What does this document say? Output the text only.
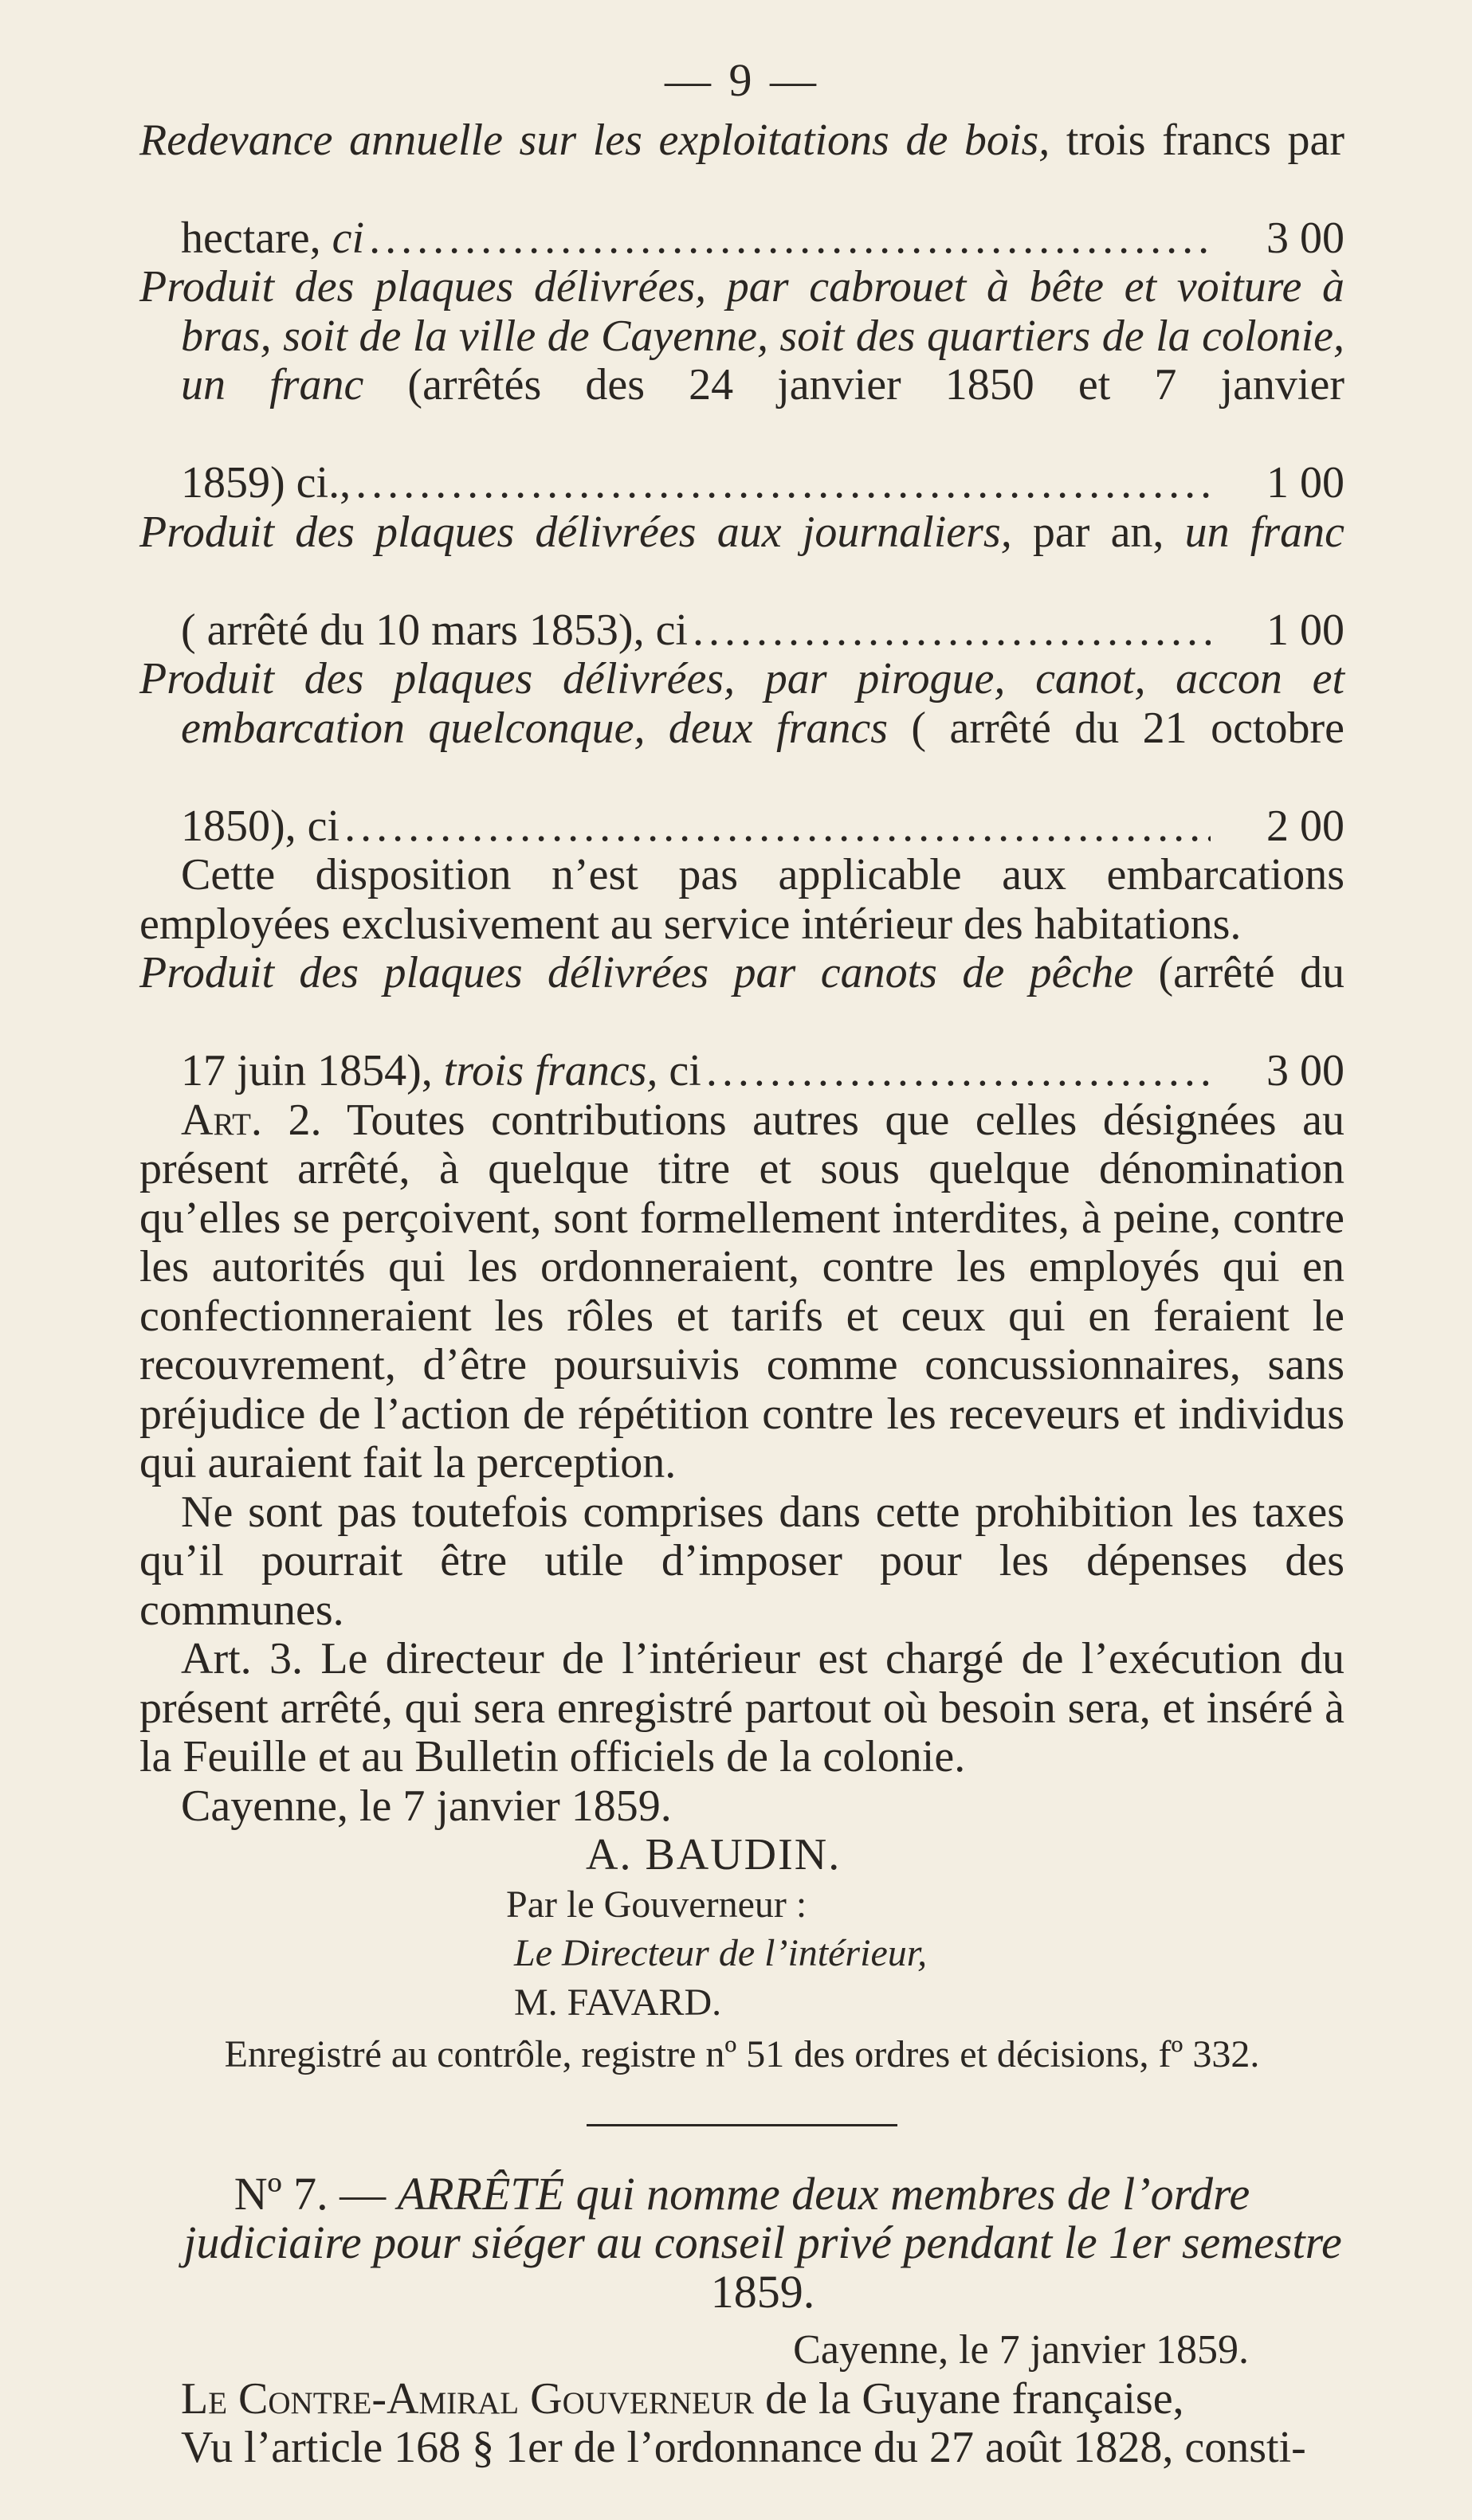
— 9 —
Redevance annuelle sur les exploitations de bois, trois francs par
hectare, ci .....	3 00
Produit des plaques délivrées, par cabrouet à bête et voiture à bras, soit de la ville de Cayenne, soit des quartiers de la colonie, un franc (arrêtés des 24 janvier 1850 et 7 janvier
1859) ci., .....	1 00
Produit des plaques délivrées aux journaliers, par an, un franc
( arrêté du 10 mars 1853), ci .....	1 00
Produit des plaques délivrées, par pirogue, canot, accon et embarcation quelconque, deux francs ( arrêté du 21 octobre
1850), ci .....	2 00

Cette disposition n’est pas applicable aux embarcations employées exclusivement au service intérieur des habitations.

Produit des plaques délivrées par canots de pêche (arrêté du
17 juin 1854), trois francs, ci .....	3 00

Art. 2. Toutes contributions autres que celles désignées au présent arrêté, à quelque titre et sous quelque dénomination qu’elles se perçoivent, sont formellement interdites, à peine, contre les autorités qui les ordonneraient, contre les employés qui en confectionneraient les rôles et tarifs et ceux qui en feraient le recouvrement, d’être poursuivis comme concussionnaires, sans préjudice de l’action de répétition contre les receveurs et individus qui auraient fait la perception.

Ne sont pas toutefois comprises dans cette prohibition les taxes qu’il pourrait être utile d’imposer pour les dépenses des communes.

Art. 3. Le directeur de l’intérieur est chargé de l’exécution du présent arrêté, qui sera enregistré partout où besoin sera, et inséré à la Feuille et au Bulletin officiels de la colonie.

Cayenne, le 7 janvier 1859.

A. BAUDIN.
Par le Gouverneur :
Le Directeur de l’intérieur,
M. FAVARD.
Enregistré au contrôle, registre nº 51 des ordres et décisions, fº 332.
Nº 7. — ARRÊTÉ qui nomme deux membres de l’ordre judiciaire pour siéger au conseil privé pendant le 1er semestre 1859.
Cayenne, le 7 janvier 1859.

Le Contre-Amiral Gouverneur de la Guyane française,

Vu l’article 168 § 1er de l’ordonnance du 27 août 1828, consti-
